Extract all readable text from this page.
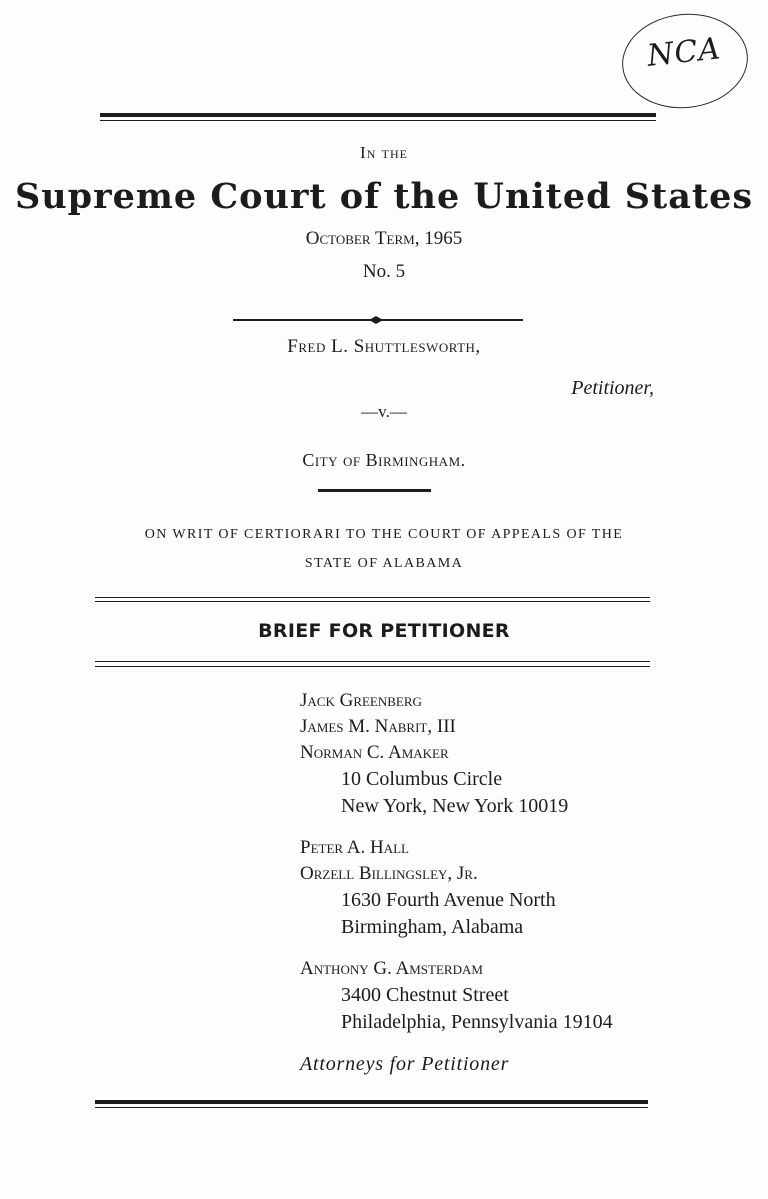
NCA
In the
Supreme Court of the United States
October Term, 1965
No. 5
Fred L. Shuttlesworth,
Petitioner,
—v.—
City of Birmingham.
ON WRIT OF CERTIORARI TO THE COURT OF APPEALS OF THE
STATE OF ALABAMA
BRIEF FOR PETITIONER
Jack Greenberg
James M. Nabrit, III
Norman C. Amaker
10 Columbus Circle
New York, New York 10019
Peter A. Hall
Orzell Billingsley, Jr.
1630 Fourth Avenue North
Birmingham, Alabama
Anthony G. Amsterdam
3400 Chestnut Street
Philadelphia, Pennsylvania 19104
Attorneys for Petitioner
